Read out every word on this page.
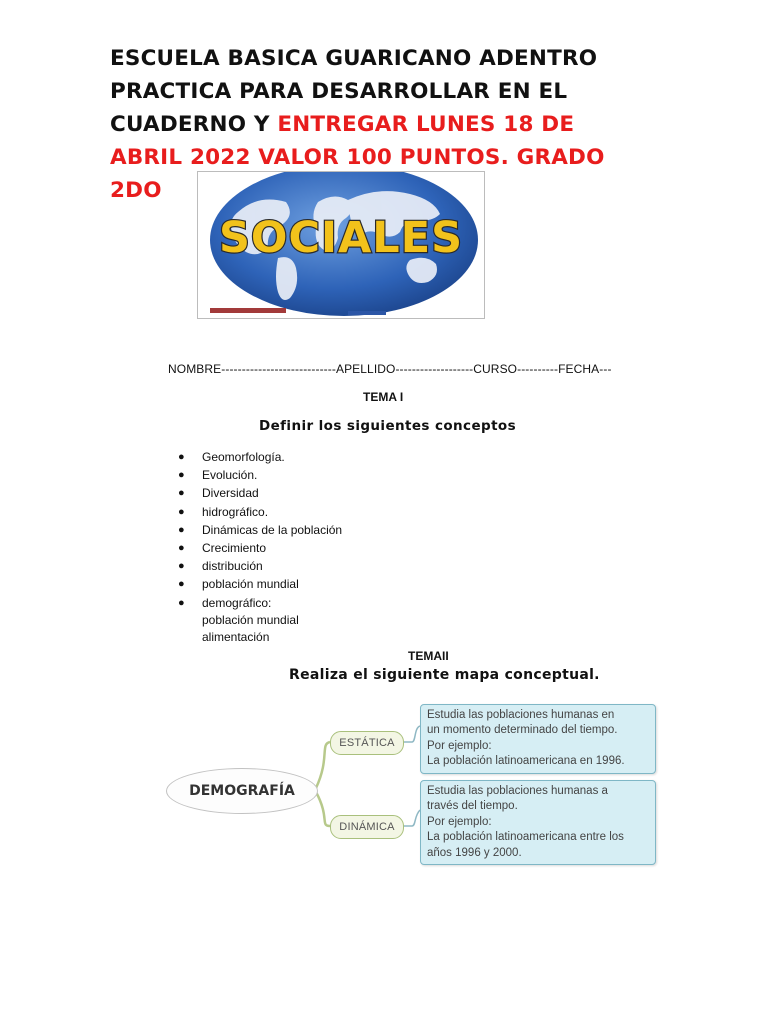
ESCUELA BASICA GUARICANO ADENTRO
PRACTICA PARA DESARROLLAR EN EL
CUADERNO Y ENTREGAR LUNES 18 DE
ABRIL 2022 VALOR 100 PUNTOS. GRADO
2DO
SOCIALES
NOMBRE----------------------------APELLIDO-------------------CURSO----------FECHA---
TEMA I
Definir los siguientes conceptos
● Geomorfología.
● Evolución.
● Diversidad
● hidrográfico.
● Dinámicas de la población
● Crecimiento
● distribución
● población mundial
● demográfico:
población mundial
alimentación
TEMAII
Realiza el siguiente mapa conceptual.
DEMOGRAFÍA
ESTÁTICA
DINÁMICA
Estudia las poblaciones humanas en
un momento determinado del tiempo.
Por ejemplo:
La población latinoamericana en 1996.
Estudia las poblaciones humanas a
través del tiempo.
Por ejemplo:
La población latinoamericana entre los
años 1996 y 2000.
